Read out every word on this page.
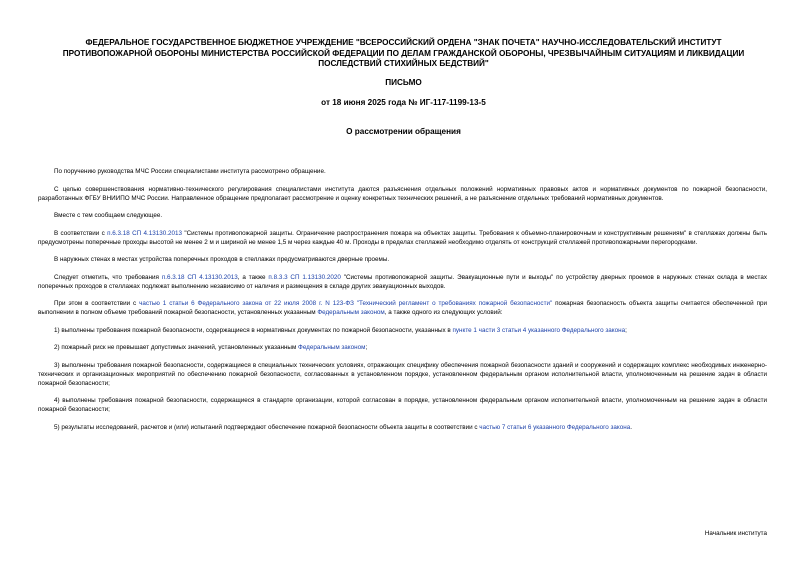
ФЕДЕРАЛЬНОЕ ГОСУДАРСТВЕННОЕ БЮДЖЕТНОЕ УЧРЕЖДЕНИЕ "ВСЕРОССИЙСКИЙ ОРДЕНА "ЗНАК ПОЧЕТА" НАУЧНО-ИССЛЕДОВАТЕЛЬСКИЙ ИНСТИТУТ ПРОТИВОПОЖАРНОЙ ОБОРОНЫ МИНИСТЕРСТВА РОССИЙСКОЙ ФЕДЕРАЦИИ ПО ДЕЛАМ ГРАЖДАНСКОЙ ОБОРОНЫ, ЧРЕЗВЫЧАЙНЫМ СИТУАЦИЯМ И ЛИКВИДАЦИИ ПОСЛЕДСТВИЙ СТИХИЙНЫХ БЕДСТВИЙ"

ПИСЬМО

от 18 июня 2025 года № ИГ-117-1199-13-5

О рассмотрении обращения

По поручению руководства МЧС России специалистами института рассмотрено обращение.

С целью совершенствования нормативно-технического регулирования специалистами института даются разъяснения отдельных положений нормативных правовых актов и нормативных документов по пожарной безопасности, разработанных ФГБУ ВНИИПО МЧС России. Направленное обращение предполагает рассмотрение и оценку конкретных технических решений, а не разъяснение отдельных требований нормативных документов.

Вместе с тем сообщаем следующее.

В соответствии с п.6.3.18 СП 4.13130.2013 "Системы противопожарной защиты. Ограничение распространения пожара на объектах защиты. Требования к объемно-планировочным и конструктивным решениям" в стеллажах должны быть предусмотрены поперечные проходы высотой не менее 2 м и шириной не менее 1,5 м через каждые 40 м. Проходы в пределах стеллажей необходимо отделять от конструкций стеллажей противопожарными перегородками.

В наружных стенах в местах устройства поперечных проходов в стеллажах предусматриваются дверные проемы.

Следует отметить, что требования п.6.3.18 СП 4.13130.2013, а также п.8.3.3 СП 1.13130.2020 "Системы противопожарной защиты. Эвакуационные пути и выходы" по устройству дверных проемов в наружных стенах склада в местах поперечных проходов в стеллажах подлежат выполнению независимо от наличия и размещения в складе других эвакуационных выходов.

При этом в соответствии с частью 1 статьи 6 Федерального закона от 22 июля 2008 г. N 123-ФЗ "Технический регламент о требованиях пожарной безопасности" пожарная безопасность объекта защиты считается обеспеченной при выполнении в полном объеме требований пожарной безопасности, установленных указанным Федеральным законом, а также одного из следующих условий:

1) выполнены требования пожарной безопасности, содержащиеся в нормативных документах по пожарной безопасности, указанных в пункте 1 части 3 статьи 4 указанного Федерального закона;

2) пожарный риск не превышает допустимых значений, установленных указанным Федеральным законом;

3) выполнены требования пожарной безопасности, содержащиеся в специальных технических условиях, отражающих специфику обеспечения пожарной безопасности зданий и сооружений и содержащих комплекс необходимых инженерно-технических и организационных мероприятий по обеспечению пожарной безопасности, согласованных в установленном порядке, установленном федеральным органом исполнительной власти, уполномоченным на решение задач в области пожарной безопасности;

4) выполнены требования пожарной безопасности, содержащиеся в стандарте организации, которой согласован в порядке, установленном федеральным органом исполнительной власти, уполномоченным на решение задач в области пожарной безопасности;

5) результаты исследований, расчетов и (или) испытаний подтверждают обеспечение пожарной безопасности объекта защиты в соответствии с частью 7 статьи 6 указанного Федерального закона.

Начальник института
